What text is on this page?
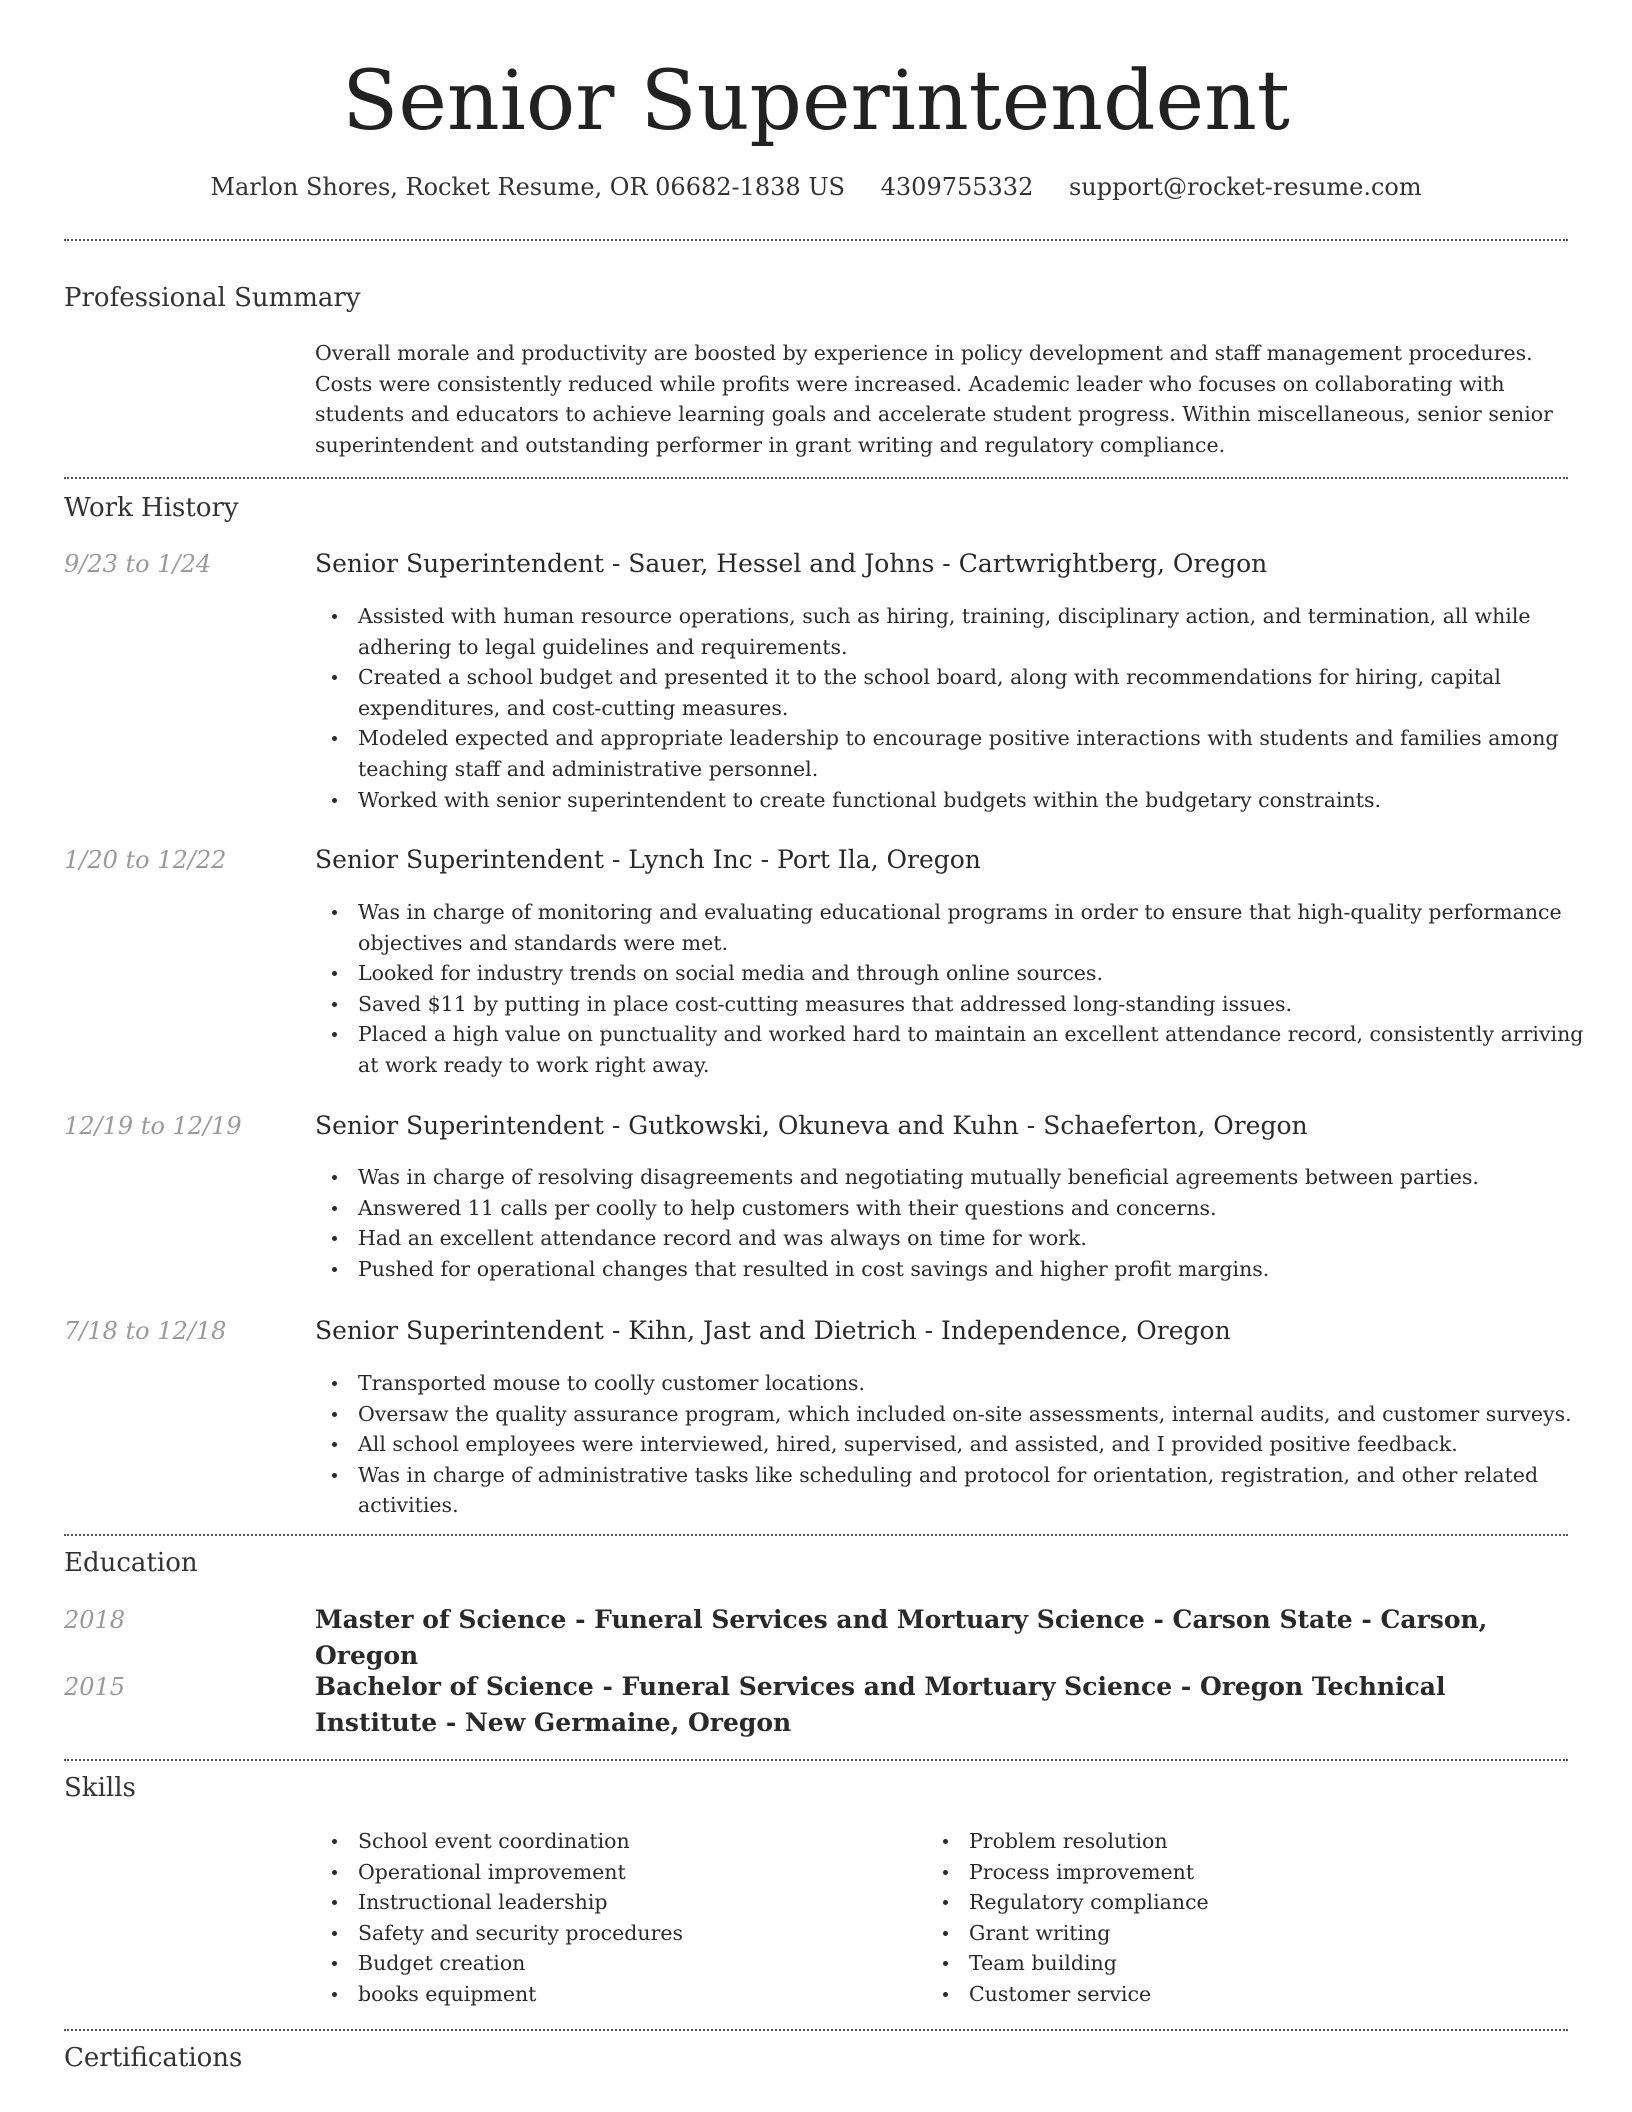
Senior Superintendent
Marlon Shores, Rocket Resume, OR 06682-1838 US 4309755332 support@rocket-resume.com
Professional Summary

Overall morale and productivity are boosted by experience in policy development and staff management procedures. Costs were consistently reduced while profits were increased. Academic leader who focuses on collaborating with students and educators to achieve learning goals and accelerate student progress. Within miscellaneous, senior senior superintendent and outstanding performer in grant writing and regulatory compliance.

Work History
9/23 to 1/24	Senior Superintendent - Sauer, Hessel and Johns - Cartwrightberg, Oregon
Assisted with human resource operations, such as hiring, training, disciplinary action, and termination, all while adhering to legal guidelines and requirements.
Created a school budget and presented it to the school board, along with recommendations for hiring, capital expenditures, and cost-cutting measures.
Modeled expected and appropriate leadership to encourage positive interactions with students and families among teaching staff and administrative personnel.
Worked with senior superintendent to create functional budgets within the budgetary constraints.
1/20 to 12/22	Senior Superintendent - Lynch Inc - Port Ila, Oregon
Was in charge of monitoring and evaluating educational programs in order to ensure that high-quality performance objectives and standards were met.
Looked for industry trends on social media and through online sources.
Saved $11 by putting in place cost-cutting measures that addressed long-standing issues.
Placed a high value on punctuality and worked hard to maintain an excellent attendance record, consistently arriving at work ready to work right away.
12/19 to 12/19	Senior Superintendent - Gutkowski, Okuneva and Kuhn - Schaeferton, Oregon
Was in charge of resolving disagreements and negotiating mutually beneficial agreements between parties.
Answered 11 calls per coolly to help customers with their questions and concerns.
Had an excellent attendance record and was always on time for work.
Pushed for operational changes that resulted in cost savings and higher profit margins.
7/18 to 12/18	Senior Superintendent - Kihn, Jast and Dietrich - Independence, Oregon
Transported mouse to coolly customer locations.
Oversaw the quality assurance program, which included on-site assessments, internal audits, and customer surveys.
All school employees were interviewed, hired, supervised, and assisted, and I provided positive feedback.
Was in charge of administrative tasks like scheduling and protocol for orientation, registration, and other related activities.
Education
2018	Master of Science - Funeral Services and Mortuary Science - Carson State - Carson, Oregon
2015	Bachelor of Science - Funeral Services and Mortuary Science - Oregon Technical Institute - New Germaine, Oregon
Skills
School event coordination
Operational improvement
Instructional leadership
Safety and security procedures
Budget creation
books equipment
Problem resolution
Process improvement
Regulatory compliance
Grant writing
Team building
Customer service
Certifications
